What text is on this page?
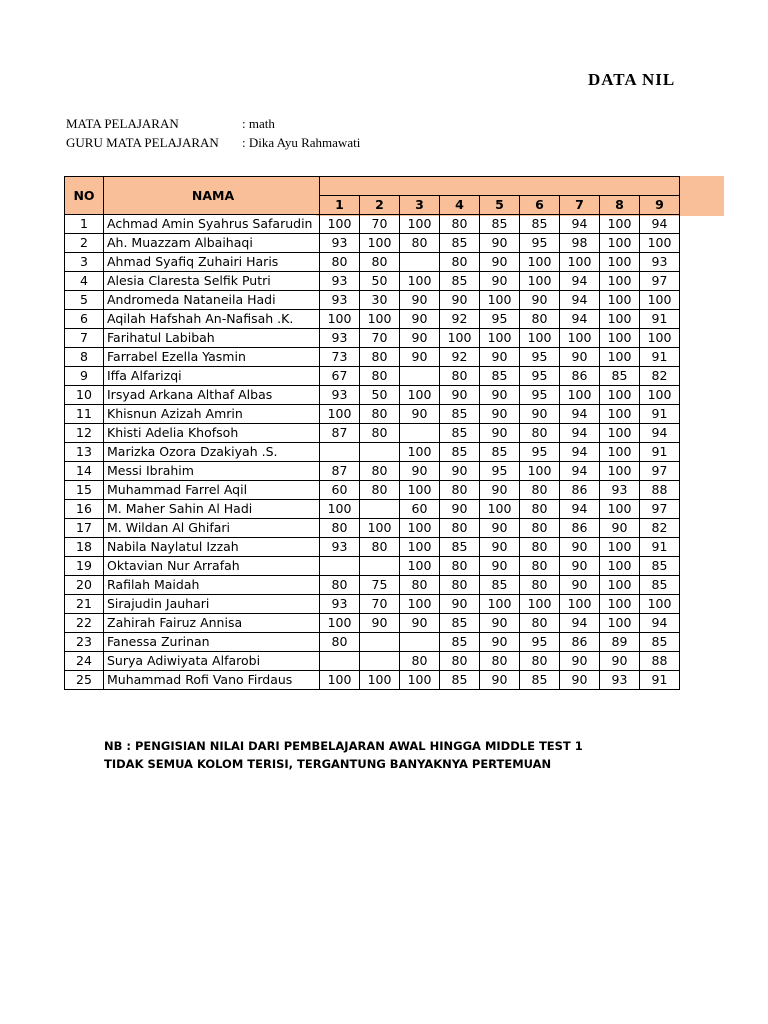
DATA NIL
MATA PELAJARAN	: math
GURU MATA PELAJARAN : Dika Ayu Rahmawati
NO	NAMA									
		1	2	3	4	5	6	7	8	9
1	Achmad Amin Syahrus Safarudin	100	70	100	80	85	85	94	100	94
2	Ah. Muazzam Albaihaqi	93	100	80	85	90	95	98	100	100
3	Ahmad Syafiq Zuhairi Haris	80	80		80	90	100	100	100	93
4	Alesia Claresta Selfik Putri	93	50	100	85	90	100	94	100	97
5	Andromeda Nataneila Hadi	93	30	90	90	100	90	94	100	100
6	Aqilah Hafshah An-Nafisah .K.	100	100	90	92	95	80	94	100	91
7	Farihatul Labibah	93	70	90	100	100	100	100	100	100
8	Farrabel Ezella Yasmin	73	80	90	92	90	95	90	100	91
9	Iffa Alfarizqi	67	80		80	85	95	86	85	82
10	Irsyad Arkana Althaf Albas	93	50	100	90	90	95	100	100	100
11	Khisnun Azizah Amrin	100	80	90	85	90	90	94	100	91
12	Khisti Adelia Khofsoh	87	80		85	90	80	94	100	94
13	Marizka Ozora Dzakiyah .S.			100	85	85	95	94	100	91
14	Messi Ibrahim	87	80	90	90	95	100	94	100	97
15	Muhammad Farrel Aqil	60	80	100	80	90	80	86	93	88
16	M. Maher Sahin Al Hadi	100		60	90	100	80	94	100	97
17	M. Wildan Al Ghifari	80	100	100	80	90	80	86	90	82
18	Nabila Naylatul Izzah	93	80	100	85	90	80	90	100	91
19	Oktavian Nur Arrafah			100	80	90	80	90	100	85
20	Rafilah Maidah	80	75	80	80	85	80	90	100	85
21	Sirajudin Jauhari	93	70	100	90	100	100	100	100	100
22	Zahirah Fairuz Annisa	100	90	90	85	90	80	94	100	94
23	Fanessa Zurinan	80			85	90	95	86	89	85
24	Surya Adiwiyata Alfarobi			80	80	80	80	90	90	88
25	Muhammad Rofi Vano Firdaus	100	100	100	85	90	85	90	93	91
NB : PENGISIAN NILAI DARI PEMBELAJARAN AWAL HINGGA MIDDLE TEST 1
TIDAK SEMUA KOLOM TERISI, TERGANTUNG BANYAKNYA PERTEMUAN
